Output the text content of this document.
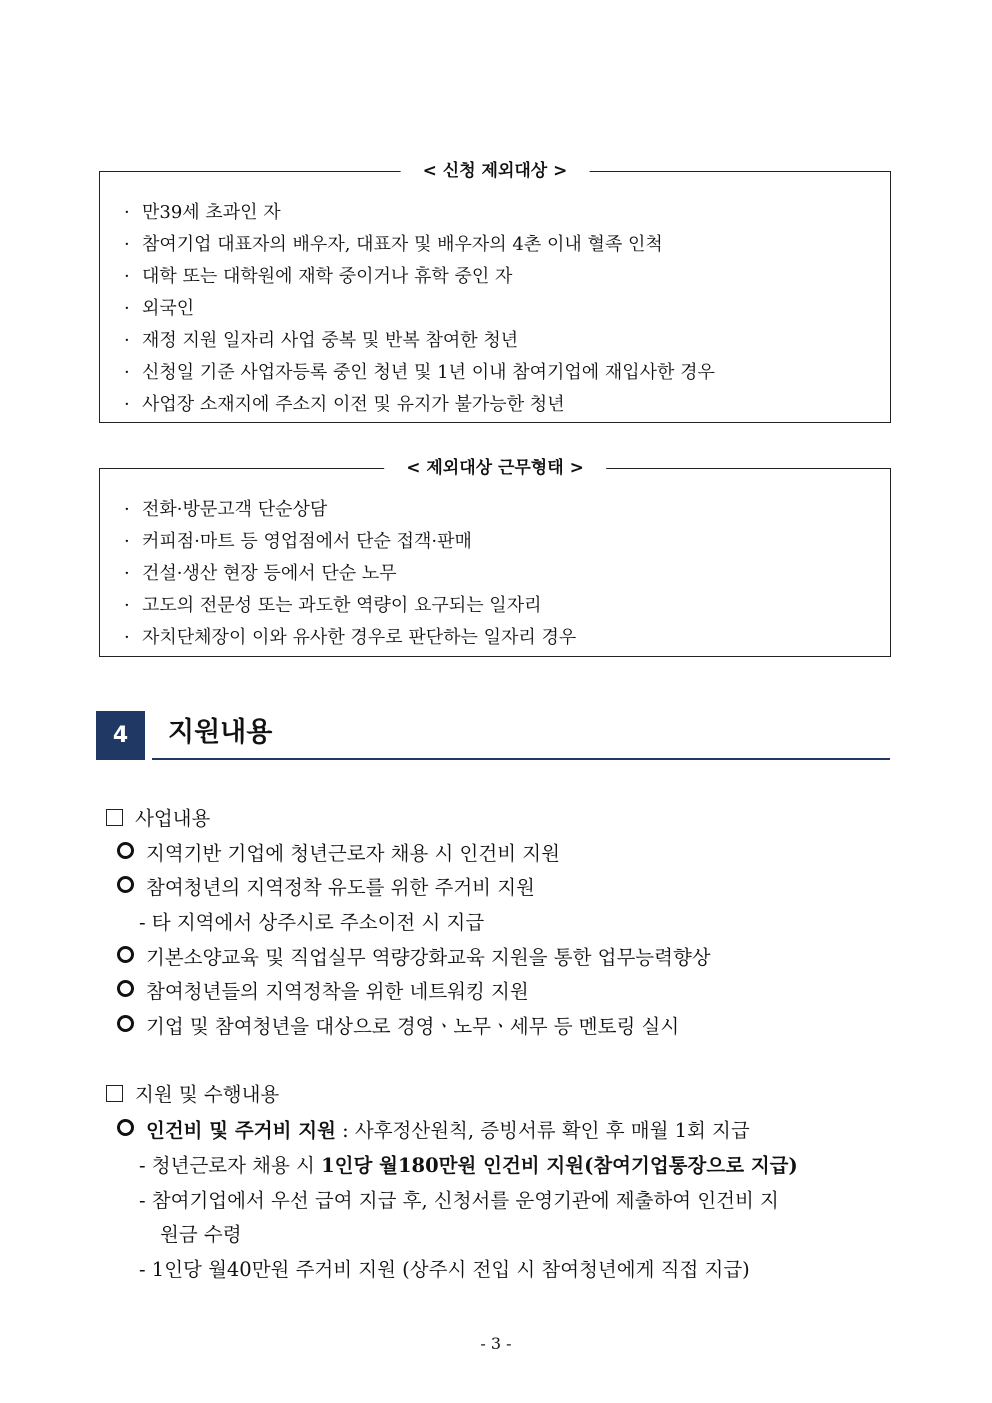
< 신청 제외대상 >
· 만39세 초과인 자
· 참여기업 대표자의 배우자, 대표자 및 배우자의 4촌 이내 혈족 인척
· 대학 또는 대학원에 재학 중이거나 휴학 중인 자
· 외국인
· 재정 지원 일자리 사업 중복 및 반복 참여한 청년
· 신청일 기준 사업자등록 중인 청년 및 1년 이내 참여기업에 재입사한 경우
· 사업장 소재지에 주소지 이전 및 유지가 불가능한 청년
< 제외대상 근무형태 >
· 전화·방문고객 단순상담
· 커피점·마트 등 영업점에서 단순 접객·판매
· 건설·생산 현장 등에서 단순 노무
· 고도의 전문성 또는 과도한 역량이 요구되는 일자리
· 자치단체장이 이와 유사한 경우로 판단하는 일자리 경우
4	지원내용
사업내용
지역기반 기업에 청년근로자 채용 시 인건비 지원
참여청년의 지역정착 유도를 위한 주거비 지원
- 타 지역에서 상주시로 주소이전 시 지급
기본소양교육 및 직업실무 역량강화교육 지원을 통한 업무능력향상
참여청년들의 지역정착을 위한 네트워킹 지원
기업 및 참여청년을 대상으로 경영ㆍ노무ㆍ세무 등 멘토링 실시
지원 및 수행내용
인건비 및 주거비 지원 : 사후정산원칙, 증빙서류 확인 후 매월 1회 지급
- 청년근로자 채용 시 1인당 월180만원 인건비 지원(참여기업통장으로 지급)
- 참여기업에서 우선 급여 지급 후, 신청서를 운영기관에 제출하여 인건비 지
원금 수령
- 1인당 월40만원 주거비 지원 (상주시 전입 시 참여청년에게 직접 지급)
- 3 -
